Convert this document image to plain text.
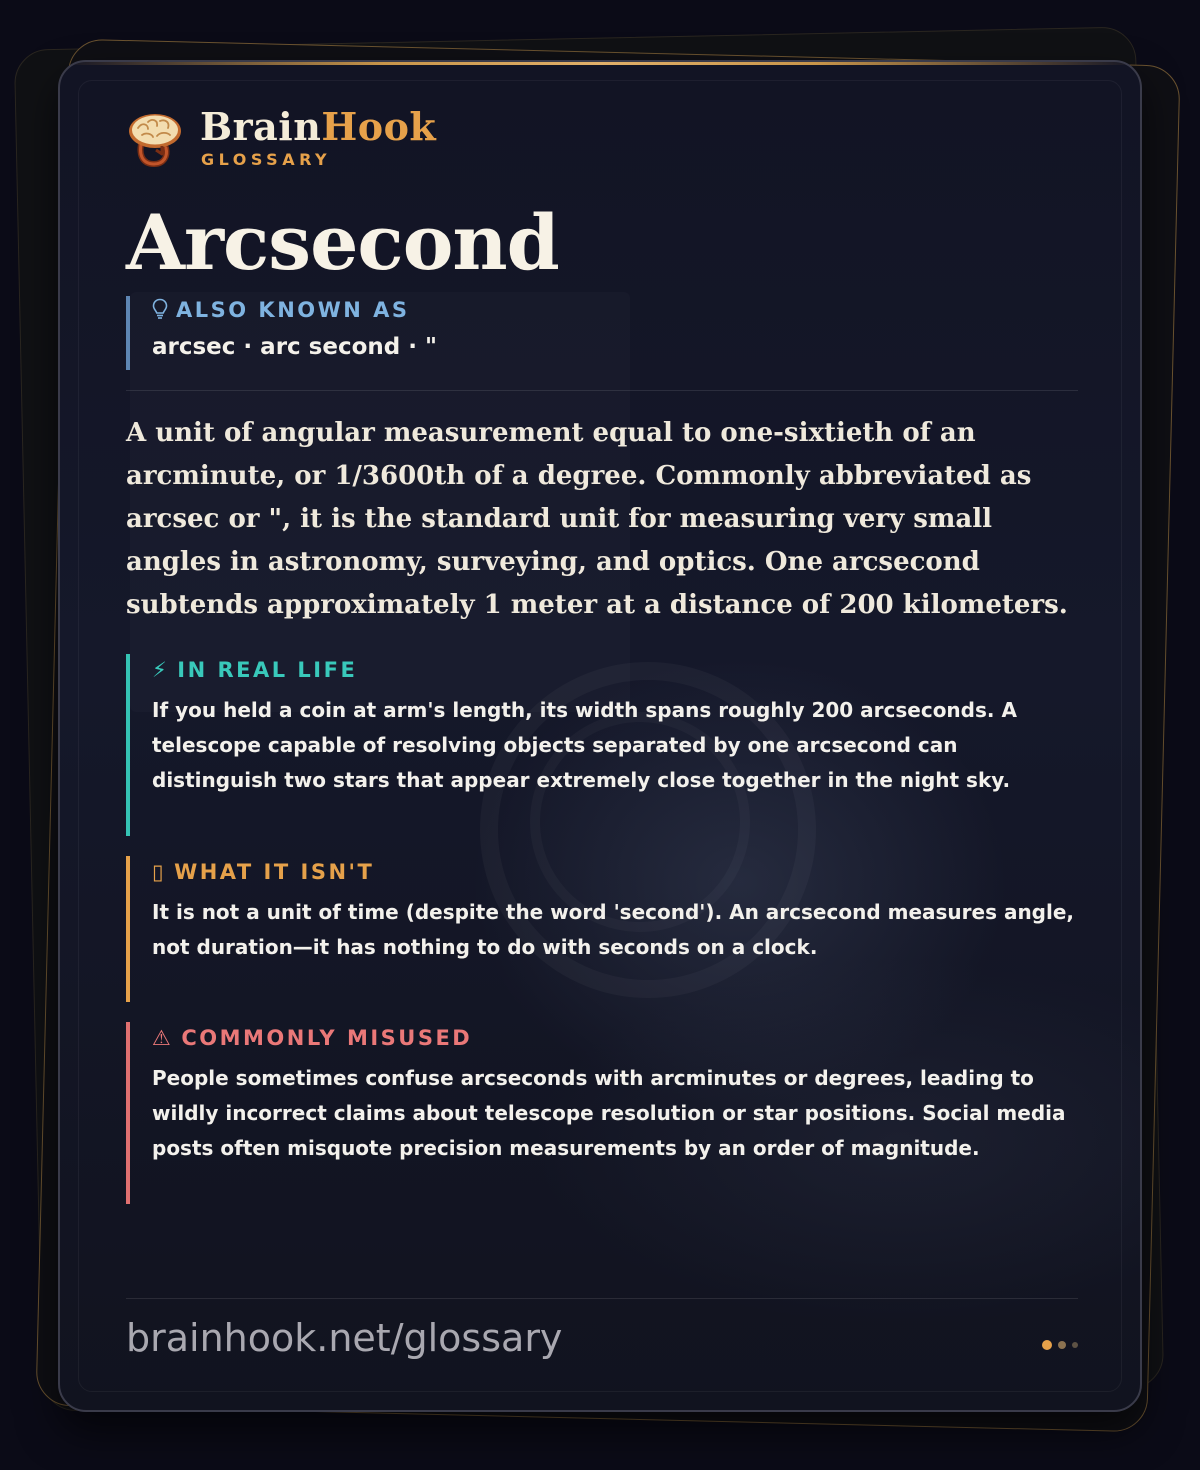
BrainHook
GLOSSARY
Arcsecond
ALSO KNOWN AS
arcsec · arc second · "
A unit of angular measurement equal to one-sixtieth of an arcminute, or 1/3600th of a degree. Commonly abbreviated as arcsec or ", it is the standard unit for measuring very small angles in astronomy, surveying, and optics. One arcsecond subtends approximately 1 meter at a distance of 200 kilometers.
⚡ IN REAL LIFE
If you held a coin at arm's length, its width spans roughly 200 arcseconds. A telescope capable of resolving objects separated by one arcsecond can distinguish two stars that appear extremely close together in the night sky.
▯ WHAT IT ISN'T
It is not a unit of time (despite the word 'second'). An arcsecond measures angle, not duration—it has nothing to do with seconds on a clock.
⚠ COMMONLY MISUSED
People sometimes confuse arcseconds with arcminutes or degrees, leading to wildly incorrect claims about telescope resolution or star positions. Social media posts often misquote precision measurements by an order of magnitude.
brainhook.net/glossary
